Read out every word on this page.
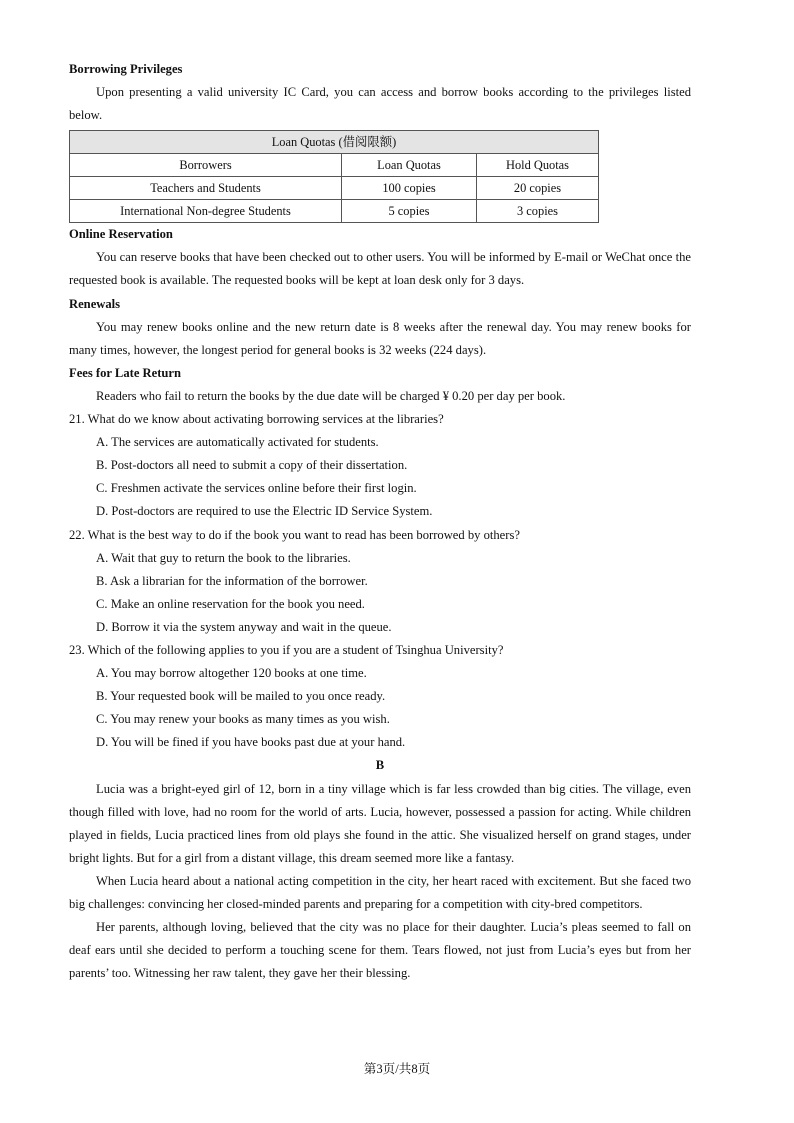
Borrowing Privileges

Upon presenting a valid university IC Card, you can access and borrow books according to the privileges listed below.

Loan Quotas (借阅限额)		
Borrowers	Loan Quotas	Hold Quotas
Teachers and Students	100 copies	20 copies
International Non-degree Students	5 copies	3 copies
Online Reservation

You can reserve books that have been checked out to other users. You will be informed by E-mail or WeChat once the requested book is available. The requested books will be kept at loan desk only for 3 days.

Renewals

You may renew books online and the new return date is 8 weeks after the renewal day. You may renew books for many times, however, the longest period for general books is 32 weeks (224 days).

Fees for Late Return

Readers who fail to return the books by the due date will be charged ¥ 0.20 per day per book.

21. What do we know about activating borrowing services at the libraries?
A. The services are automatically activated for students.
B. Post-doctors all need to submit a copy of their dissertation.
C. Freshmen activate the services online before their first login.
D. Post-doctors are required to use the Electric ID Service System.
22. What is the best way to do if the book you want to read has been borrowed by others?
A. Wait that guy to return the book to the libraries.
B. Ask a librarian for the information of the borrower.
C. Make an online reservation for the book you need.
D. Borrow it via the system anyway and wait in the queue.
23. Which of the following applies to you if you are a student of Tsinghua University?
A. You may borrow altogether 120 books at one time.
B. Your requested book will be mailed to you once ready.
C. You may renew your books as many times as you wish.
D. You will be fined if you have books past due at your hand.
B

Lucia was a bright-eyed girl of 12, born in a tiny village which is far less crowded than big cities. The village, even though filled with love, had no room for the world of arts. Lucia, however, possessed a passion for acting. While children played in fields, Lucia practiced lines from old plays she found in the attic. She visualized herself on grand stages, under bright lights. But for a girl from a distant village, this dream seemed more like a fantasy.

When Lucia heard about a national acting competition in the city, her heart raced with excitement. But she faced two big challenges: convincing her closed-minded parents and preparing for a competition with city-bred competitors.

Her parents, although loving, believed that the city was no place for their daughter. Lucia’s pleas seemed to fall on deaf ears until she decided to perform a touching scene for them. Tears flowed, not just from Lucia’s eyes but from her parents’ too. Witnessing her raw talent, they gave her their blessing.

第3页/共8页
